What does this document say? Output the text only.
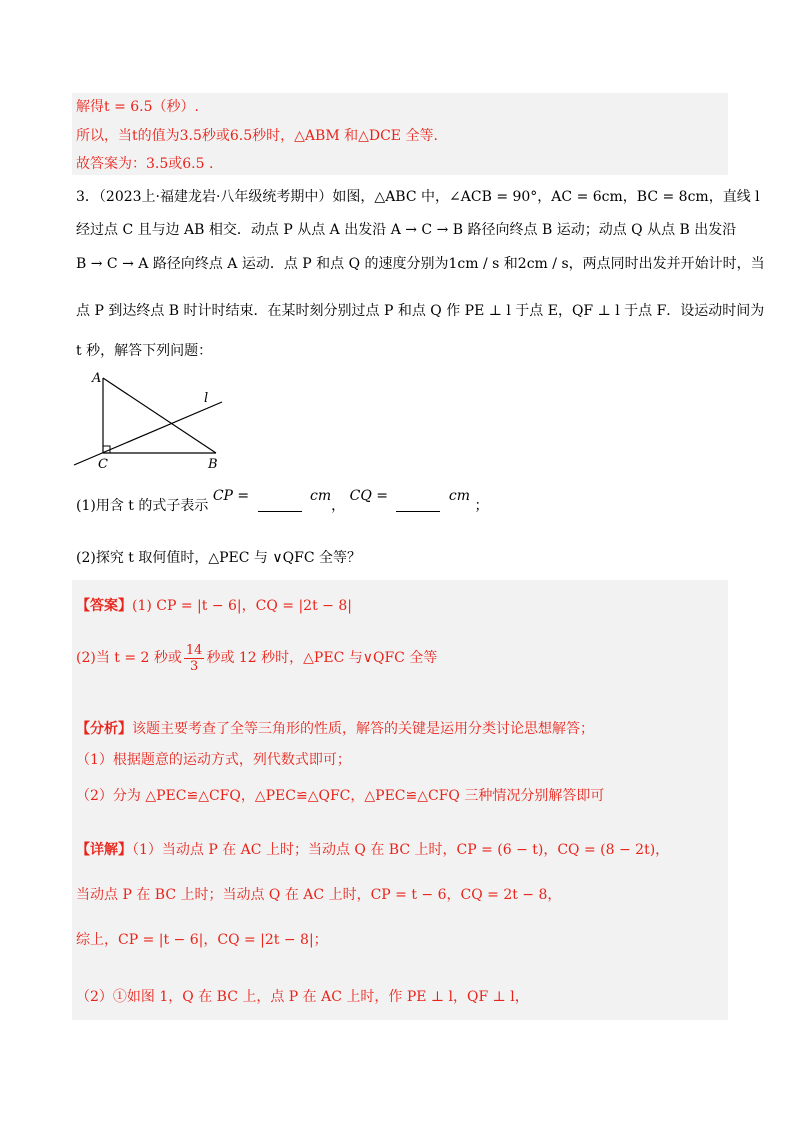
解得t = 6.5（秒）.
所以，当t的值为3.5秒或6.5秒时，△ABM 和△DCE 全等.
故答案为：3.5或6.5 .
3．（2023上·福建龙岩·八年级统考期中）如图，△ABC 中，∠ACB = 90°，AC = 6cm，BC = 8cm，直线 l
经过点 C 且与边 AB 相交．动点 P 从点 A 出发沿 A → C → B 路径向终点 B 运动；动点 Q 从点 B 出发沿
B → C → A 路径向终点 A 运动．点 P 和点 Q 的速度分别为1cm / s 和2cm / s，两点同时出发并开始计时，当
点 P 到达终点 B 时计时结束．在某时刻分别过点 P 和点 Q 作 PE ⊥ l 于点 E，QF ⊥ l 于点 F．设运动时间为
t 秒，解答下列问题：
A
C	B
l
(1)用含 t 的式子表示 CP =	cm， CQ =	cm ；
(2)探究 t 取何值时，△PEC 与 ∨QFC 全等？
【答案】(1) CP = |t − 6|，CQ = |2t − 8|
(2)当 t = 2 秒或 $\frac{14}{3}$ 秒或 12 秒时，△PEC 与∨QFC 全等
【分析】该题主要考查了全等三角形的性质，解答的关键是运用分类讨论思想解答；
（1）根据题意的运动方式，列代数式即可；
（2）分为 △PEC≌△CFQ，△PEC≌△QFC，△PEC≌△CFQ 三种情况分别解答即可
【详解】（1）当动点 P 在 AC 上时；当动点 Q 在 BC 上时，CP = (6 − t)，CQ = (8 − 2t)，
当动点 P 在 BC 上时；当动点 Q 在 AC 上时，CP = t − 6，CQ = 2t − 8，
综上，CP = |t − 6|，CQ = |2t − 8|；
（2）①如图 1，Q 在 BC 上，点 P 在 AC 上时，作 PE ⊥ l，QF ⊥ l，
